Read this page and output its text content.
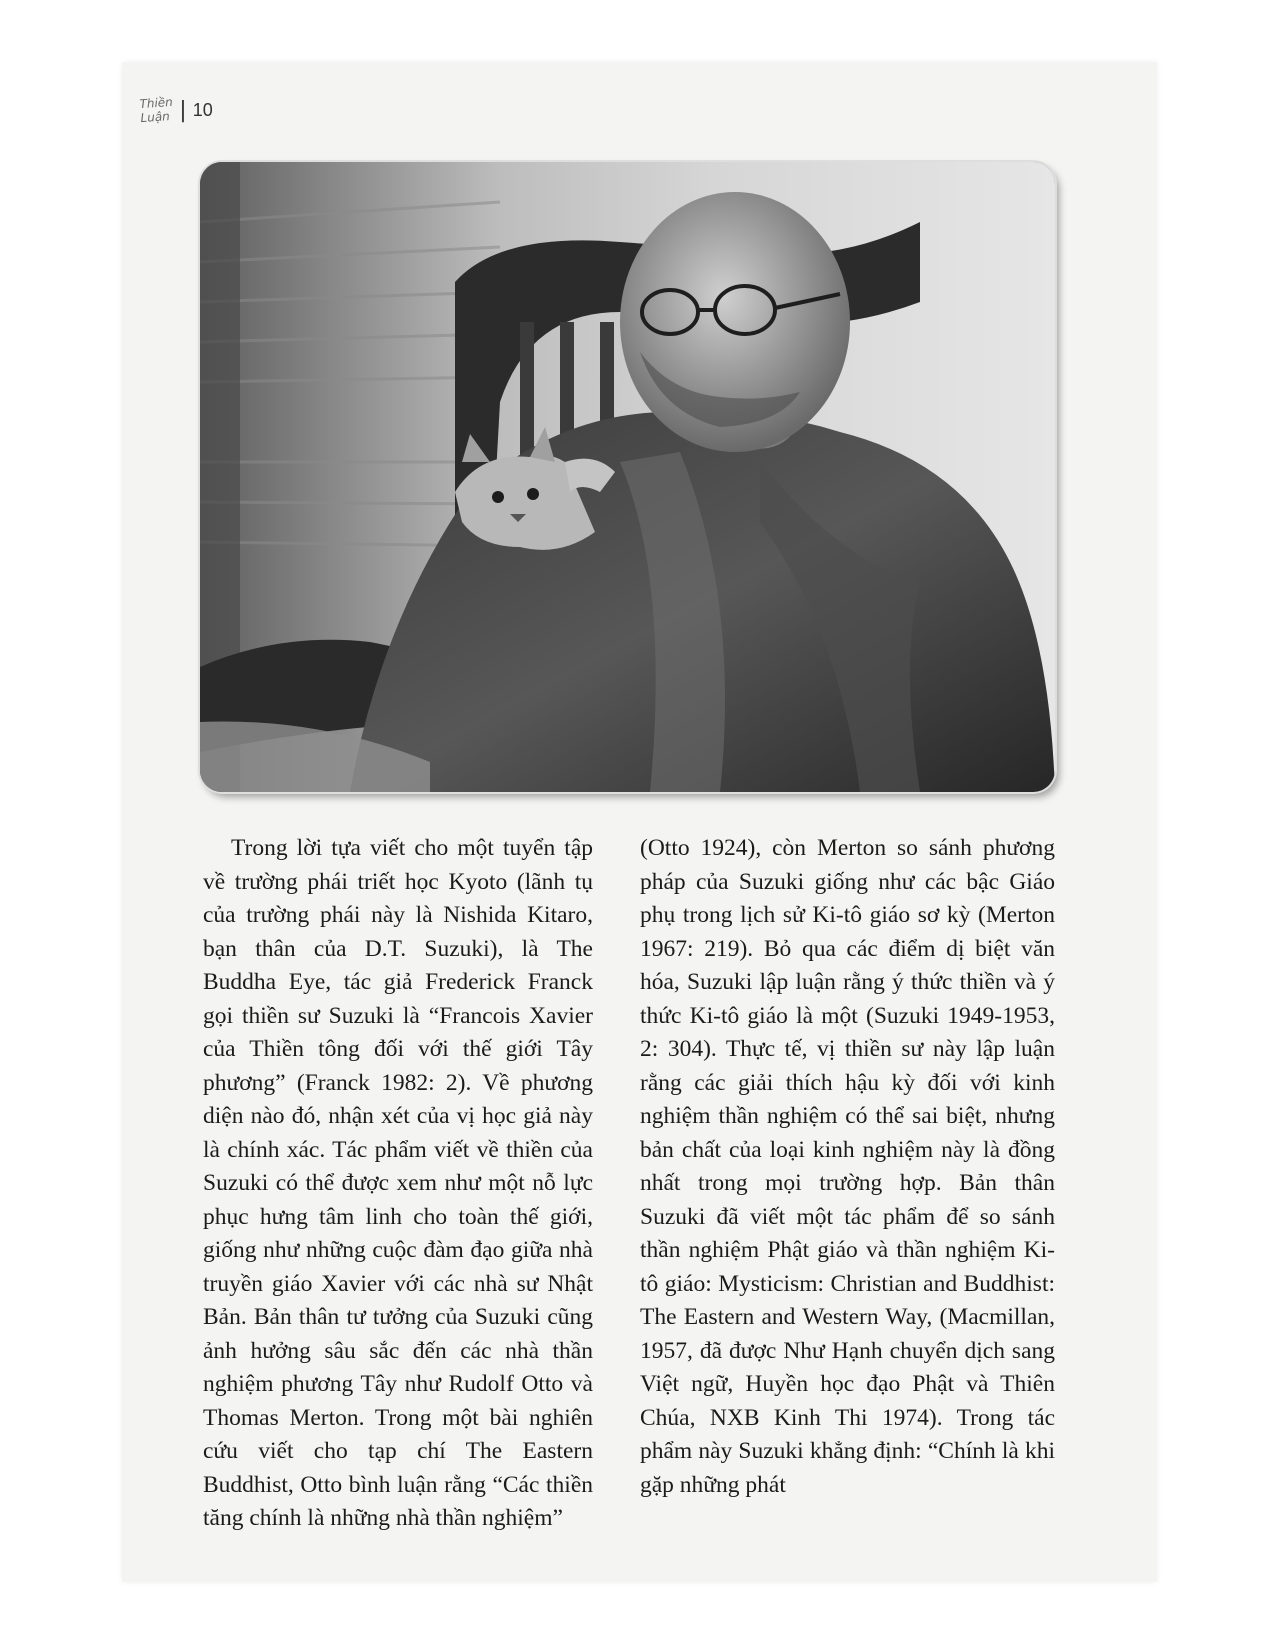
Thiền
Luận | 10

Trong lời tựa viết cho một tuyển tập về trường phái triết học Kyoto (lãnh tụ của trường phái này là Nishida Kitaro, bạn thân của D.T. Suzuki), là The Buddha Eye, tác giả Frederick Franck gọi thiền sư Suzuki là “Francois Xavier của Thiền tông đối với thế giới Tây phương” (Franck 1982: 2). Về phương diện nào đó, nhận xét của vị học giả này là chính xác. Tác phẩm viết về thiền của Suzuki có thể được xem như một nỗ lực phục hưng tâm linh cho toàn thế giới, giống như những cuộc đàm đạo giữa nhà truyền giáo Xavier với các nhà sư Nhật Bản. Bản thân tư tưởng của Suzuki cũng ảnh hưởng sâu sắc đến các nhà thần nghiệm phương Tây như Rudolf Otto và Thomas Merton. Trong một bài nghiên cứu viết cho tạp chí The Eastern Buddhist, Otto bình luận rằng “Các thiền tăng chính là những nhà thần nghiệm”

(Otto 1924), còn Merton so sánh phương pháp của Suzuki giống như các bậc Giáo phụ trong lịch sử Ki-tô giáo sơ kỳ (Merton 1967: 219). Bỏ qua các điểm dị biệt văn hóa, Suzuki lập luận rằng ý thức thiền và ý thức Ki-tô giáo là một (Suzuki 1949-1953, 2: 304). Thực tế, vị thiền sư này lập luận rằng các giải thích hậu kỳ đối với kinh nghiệm thần nghiệm có thể sai biệt, nhưng bản chất của loại kinh nghiệm này là đồng nhất trong mọi trường hợp. Bản thân Suzuki đã viết một tác phẩm để so sánh thần nghiệm Phật giáo và thần nghiệm Ki-tô giáo: Mysticism: Christian and Buddhist: The Eastern and Western Way, (Macmillan, 1957, đã được Như Hạnh chuyển dịch sang Việt ngữ, Huyền học đạo Phật và Thiên Chúa, NXB Kinh Thi 1974). Trong tác phẩm này Suzuki khẳng định: “Chính là khi gặp những phát
